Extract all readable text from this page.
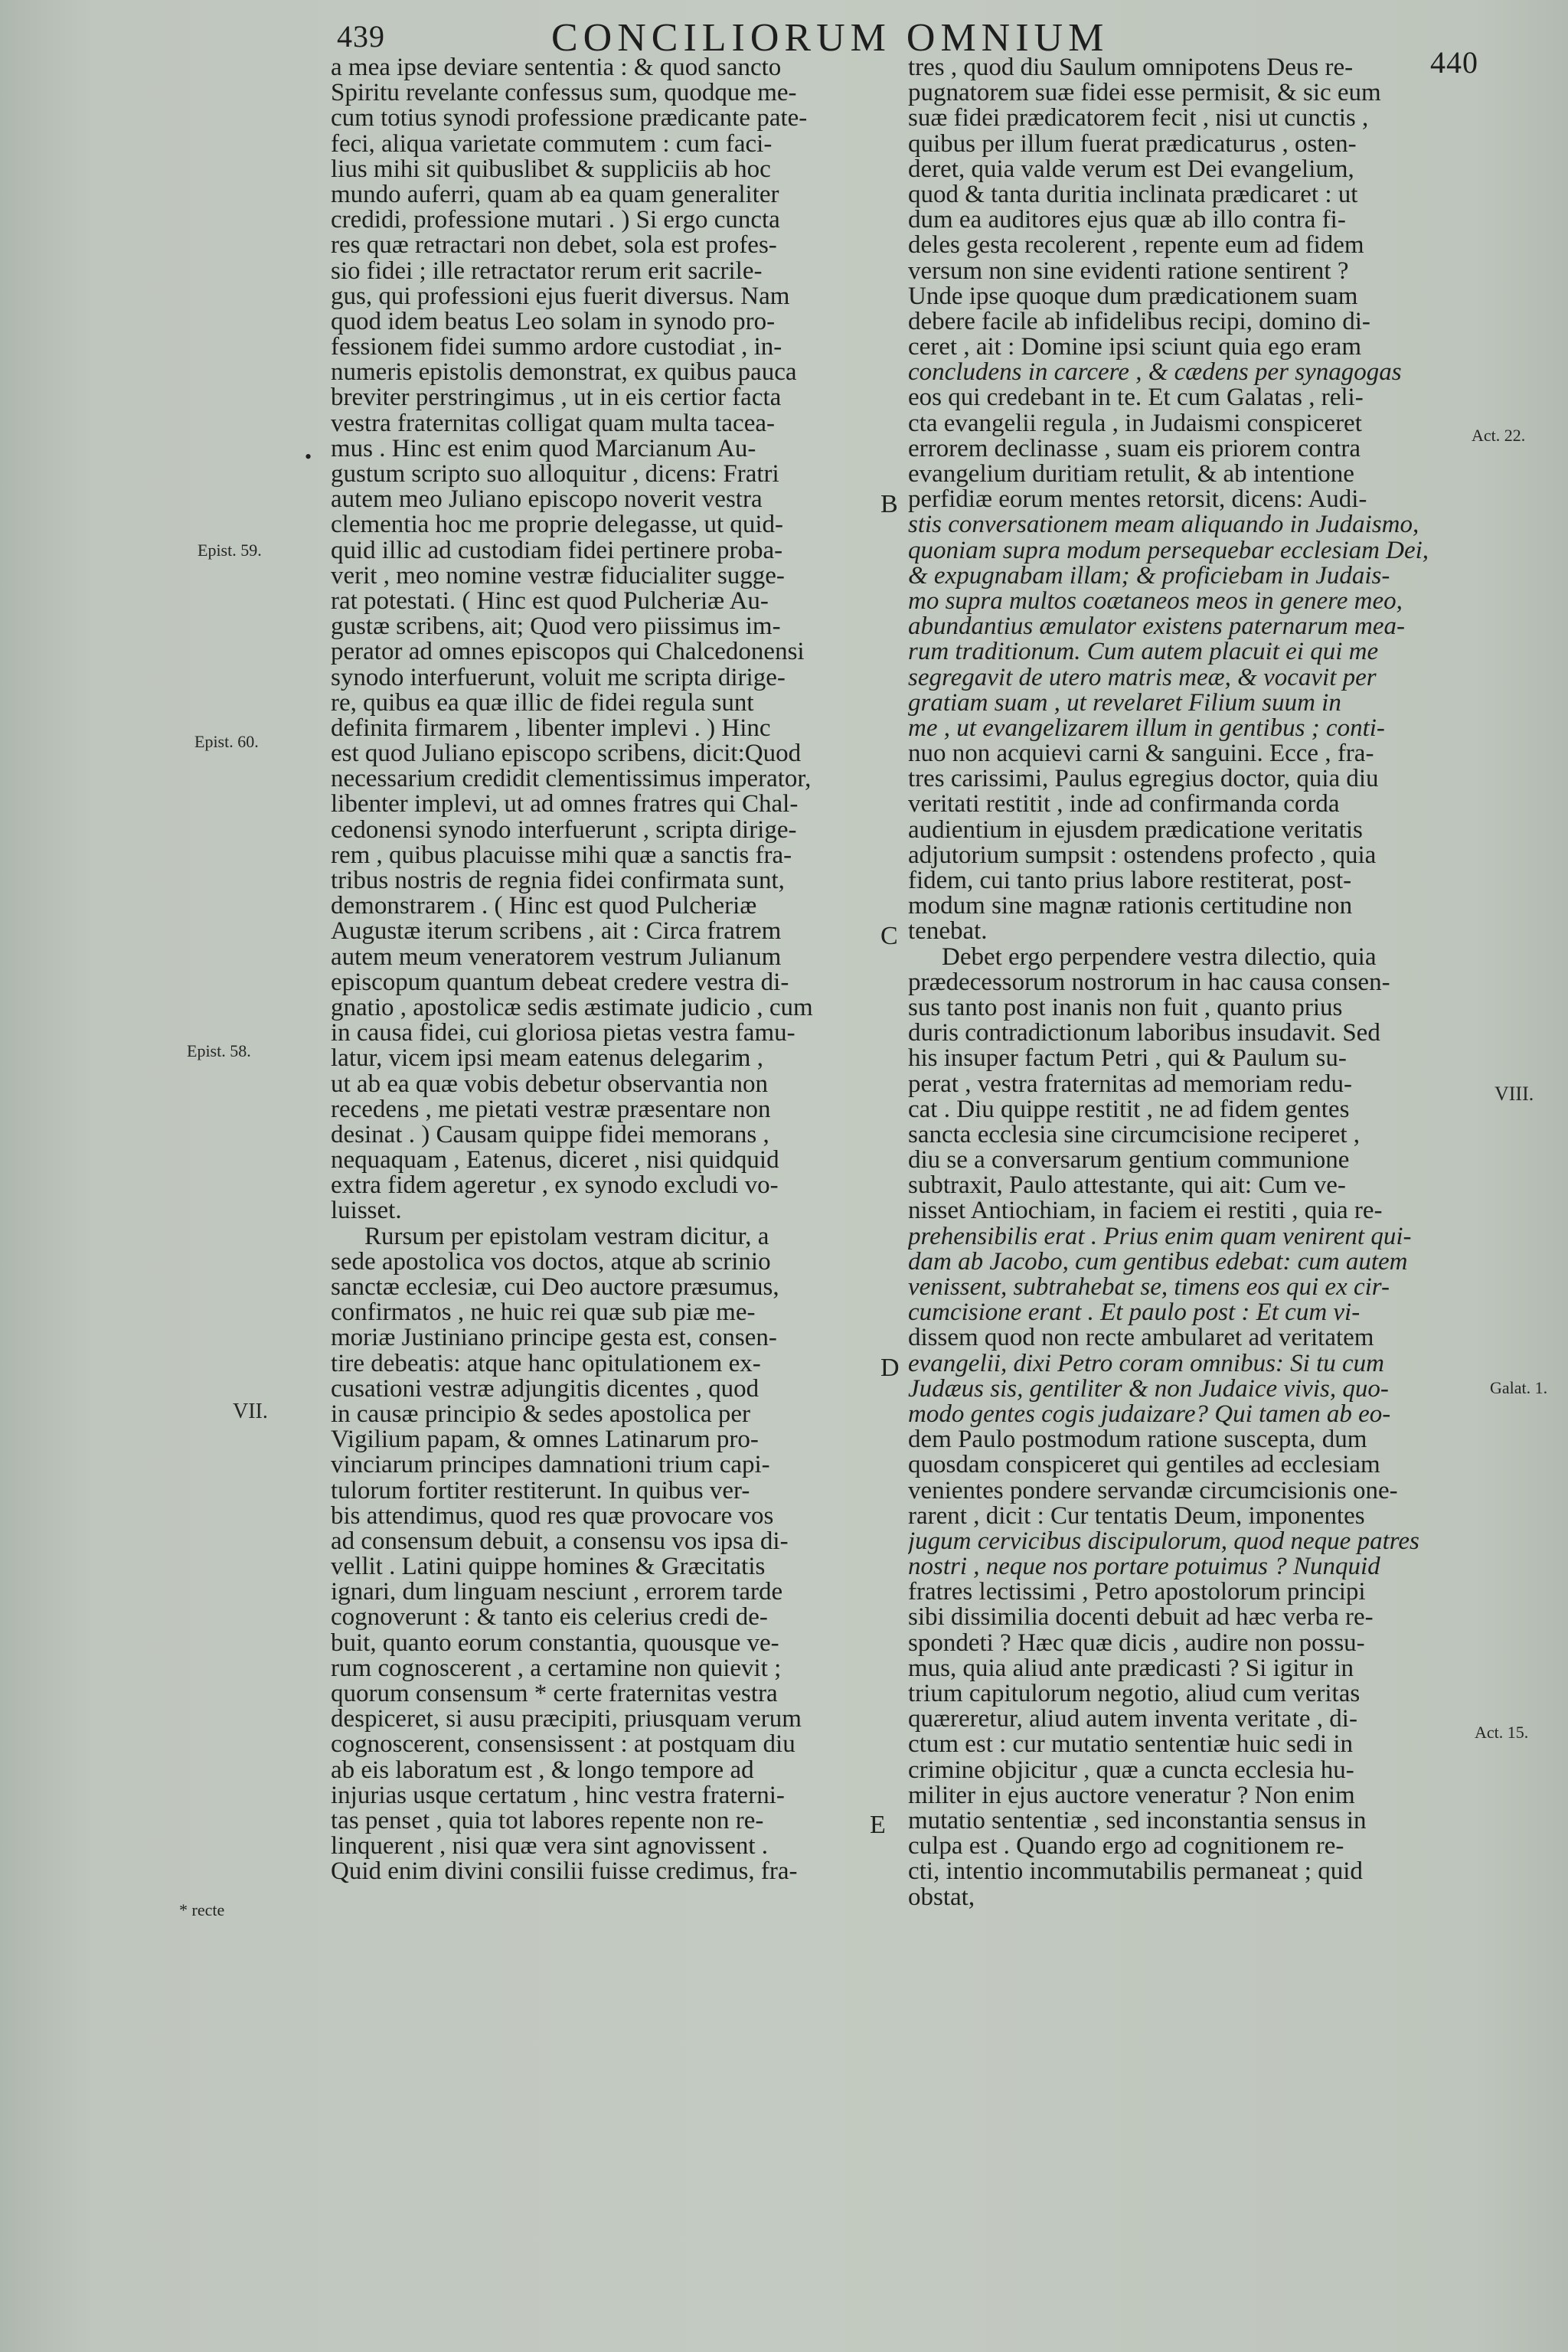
439	CONCILIORUM OMNIUM
440
a mea ipse deviare sententia : & quod sancto
Spiritu revelante confessus sum, quodque me-
cum totius synodi professione prædicante pate-
feci, aliqua varietate commutem : cum faci-
lius mihi sit quibuslibet & suppliciis ab hoc
mundo auferri, quam ab ea quam generaliter
credidi, professione mutari . ) Si ergo cuncta
res quæ retractari non debet, sola est profes-
sio fidei ; ille retractator rerum erit sacrile-
gus, qui professioni ejus fuerit diversus. Nam
quod idem beatus Leo solam in synodo pro-
fessionem fidei summo ardore custodiat , in-
numeris epistolis demonstrat, ex quibus pauca
breviter perstringimus , ut in eis certior facta
vestra fraternitas colligat quam multa tacea-
mus . Hinc est enim quod Marcianum Au-
gustum scripto suo alloquitur , dicens: Fratri
autem meo Juliano episcopo noverit vestra
clementia hoc me proprie delegasse, ut quid-
quid illic ad custodiam fidei pertinere proba-
verit , meo nomine vestræ fiducialiter sugge-
rat potestati. ( Hinc est quod Pulcheriæ Au-
gustæ scribens, ait; Quod vero piissimus im-
perator ad omnes episcopos qui Chalcedonensi
synodo interfuerunt, voluit me scripta dirige-
re, quibus ea quæ illic de fidei regula sunt
definita firmarem , libenter implevi . ) Hinc
est quod Juliano episcopo scribens, dicit:Quod
necessarium credidit clementissimus imperator,
libenter implevi, ut ad omnes fratres qui Chal-
cedonensi synodo interfuerunt , scripta dirige-
rem , quibus placuisse mihi quæ a sanctis fra-
tribus nostris de regnia fidei confirmata sunt,
demonstrarem . ( Hinc est quod Pulcheriæ
Augustæ iterum scribens , ait : Circa fratrem
autem meum veneratorem vestrum Julianum
episcopum quantum debeat credere vestra di-
gnatio , apostolicæ sedis æstimate judicio , cum
in causa fidei, cui gloriosa pietas vestra famu-
latur, vicem ipsi meam eatenus delegarim ,
ut ab ea quæ vobis debetur observantia non
recedens , me pietati vestræ præsentare non
desinat . ) Causam quippe fidei memorans ,
nequaquam , Eatenus, diceret , nisi quidquid
extra fidem ageretur , ex synodo excludi vo-
luisset.
Rursum per epistolam vestram dicitur, a
sede apostolica vos doctos, atque ab scrinio
sanctæ ecclesiæ, cui Deo auctore præsumus,
confirmatos , ne huic rei quæ sub piæ me-
moriæ Justiniano principe gesta est, consen-
tire debeatis: atque hanc opitulationem ex-
cusationi vestræ adjungitis dicentes , quod
in causæ principio & sedes apostolica per
Vigilium papam, & omnes Latinarum pro-
vinciarum principes damnationi trium capi-
tulorum fortiter restiterunt. In quibus ver-
bis attendimus, quod res quæ provocare vos
ad consensum debuit, a consensu vos ipsa di-
vellit . Latini quippe homines & Græcitatis
ignari, dum linguam nesciunt , errorem tarde
cognoverunt : & tanto eis celerius credi de-
buit, quanto eorum constantia, quousque ve-
rum cognoscerent , a certamine non quievit ;
quorum consensum * certe fraternitas vestra
despiceret, si ausu præcipiti, priusquam verum
cognoscerent, consensissent : at postquam diu
ab eis laboratum est , & longo tempore ad
injurias usque certatum , hinc vestra fraterni-
tas penset , quia tot labores repente non re-
linquerent , nisi quæ vera sint agnovissent .
Quid enim divini consilii fuisse credimus, fra-
tres , quod diu Saulum omnipotens Deus re-
pugnatorem suæ fidei esse permisit, & sic eum
suæ fidei prædicatorem fecit , nisi ut cunctis ,
quibus per illum fuerat prædicaturus , osten-
deret, quia valde verum est Dei evangelium,
quod & tanta duritia inclinata prædicaret : ut
dum ea auditores ejus quæ ab illo contra fi-
deles gesta recolerent , repente eum ad fidem
versum non sine evidenti ratione sentirent ?
Unde ipse quoque dum prædicationem suam
debere facile ab infidelibus recipi, domino di-
ceret , ait : Domine ipsi sciunt quia ego eram
concludens in carcere , & cædens per synagogas
eos qui credebant in te. Et cum Galatas , reli-
cta evangelii regula , in Judaismi conspiceret
errorem declinasse , suam eis priorem contra
evangelium duritiam retulit, & ab intentione
perfidiæ eorum mentes retorsit, dicens: Audi-
stis conversationem meam aliquando in Judaismo,
quoniam supra modum persequebar ecclesiam Dei,
& expugnabam illam; & proficiebam in Judais-
mo supra multos coætaneos meos in genere meo,
abundantius æmulator existens paternarum mea-
rum traditionum. Cum autem placuit ei qui me
segregavit de utero matris meæ, & vocavit per
gratiam suam , ut revelaret Filium suum in
me , ut evangelizarem illum in gentibus ; conti-
nuo non acquievi carni & sanguini. Ecce , fra-
tres carissimi, Paulus egregius doctor, quia diu
veritati restitit , inde ad confirmanda corda
audientium in ejusdem prædicatione veritatis
adjutorium sumpsit : ostendens profecto , quia
fidem, cui tanto prius labore restiterat, post-
modum sine magnæ rationis certitudine non
tenebat.
Debet ergo perpendere vestra dilectio, quia
prædecessorum nostrorum in hac causa consen-
sus tanto post inanis non fuit , quanto prius
duris contradictionum laboribus insudavit. Sed
his insuper factum Petri , qui & Paulum su-
perat , vestra fraternitas ad memoriam redu-
cat . Diu quippe restitit , ne ad fidem gentes
sancta ecclesia sine circumcisione reciperet ,
diu se a conversarum gentium communione
subtraxit, Paulo attestante, qui ait: Cum ve-
nisset Antiochiam, in faciem ei restiti , quia re-
prehensibilis erat . Prius enim quam venirent qui-
dam ab Jacobo, cum gentibus edebat: cum autem
venissent, subtrahebat se, timens eos qui ex cir-
cumcisione erant . Et paulo post : Et cum vi-
dissem quod non recte ambularet ad veritatem
evangelii, dixi Petro coram omnibus: Si tu cum
Judæus sis, gentiliter & non Judaice vivis, quo-
modo gentes cogis judaizare? Qui tamen ab eo-
dem Paulo postmodum ratione suscepta, dum
quosdam conspiceret qui gentiles ad ecclesiam
venientes pondere servandæ circumcisionis one-
rarent , dicit : Cur tentatis Deum, imponentes
jugum cervicibus discipulorum, quod neque patres
nostri , neque nos portare potuimus ? Nunquid
fratres lectissimi , Petro apostolorum principi
sibi dissimilia docenti debuit ad hæc verba re-
spondeti ? Hæc quæ dicis , audire non possu-
mus, quia aliud ante prædicasti ? Si igitur in
trium capitulorum negotio, aliud cum veritas
quæreretur, aliud autem inventa veritate , di-
ctum est : cur mutatio sententiæ huic sedi in
crimine objicitur , quæ a cuncta ecclesia hu-
militer in ejus auctore veneratur ? Non enim
mutatio sententiæ , sed inconstantia sensus in
culpa est . Quando ergo ad cognitionem re-
cti, intentio incommutabilis permaneat ; quid
obstat,
B
C
D
E
Epist. 59.
Epist. 60.
Epist. 58.
VII.
* recte
Act. 22.
VIII.
Galat. 1.
Act. 15.
•
